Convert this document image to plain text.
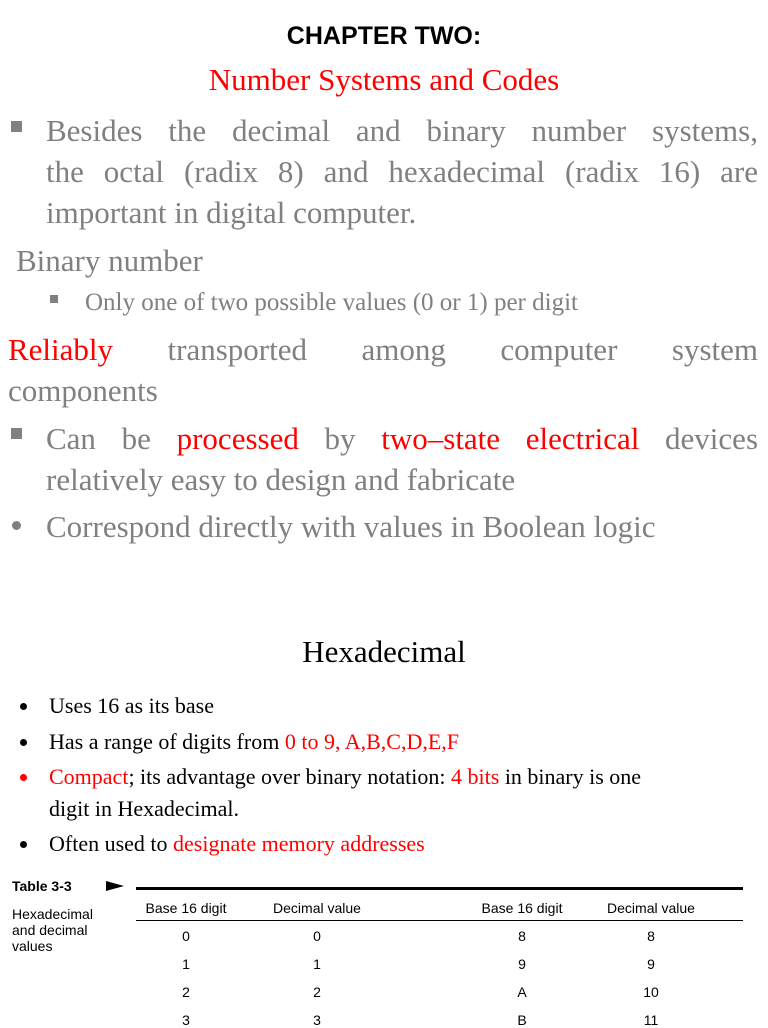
CHAPTER TWO:
Number Systems and Codes
Besides the decimal and binary number systems,
the octal (radix 8) and hexadecimal (radix 16) are
important in digital computer.
Binary number
Only one of two possible values (0 or 1) per digit
Reliably transported among computer system
components
Can be processed by two–state electrical devices
relatively easy to design and fabricate
Correspond directly with values in Boolean logic
Hexadecimal
Uses 16 as its base
Has a range of digits from 0 to 9, A,B,C,D,E,F
Compact; its advantage over binary notation: 4 bits in binary is one
digit in Hexadecimal.
Often used to designate memory addresses
Table 3-3
Hexadecimal and decimal values
Base 16 digit	Decimal value	Base 16 digit	Decimal value
0	0	8	8
1	1	9	9
2	2	A	10
3	3	B	11
